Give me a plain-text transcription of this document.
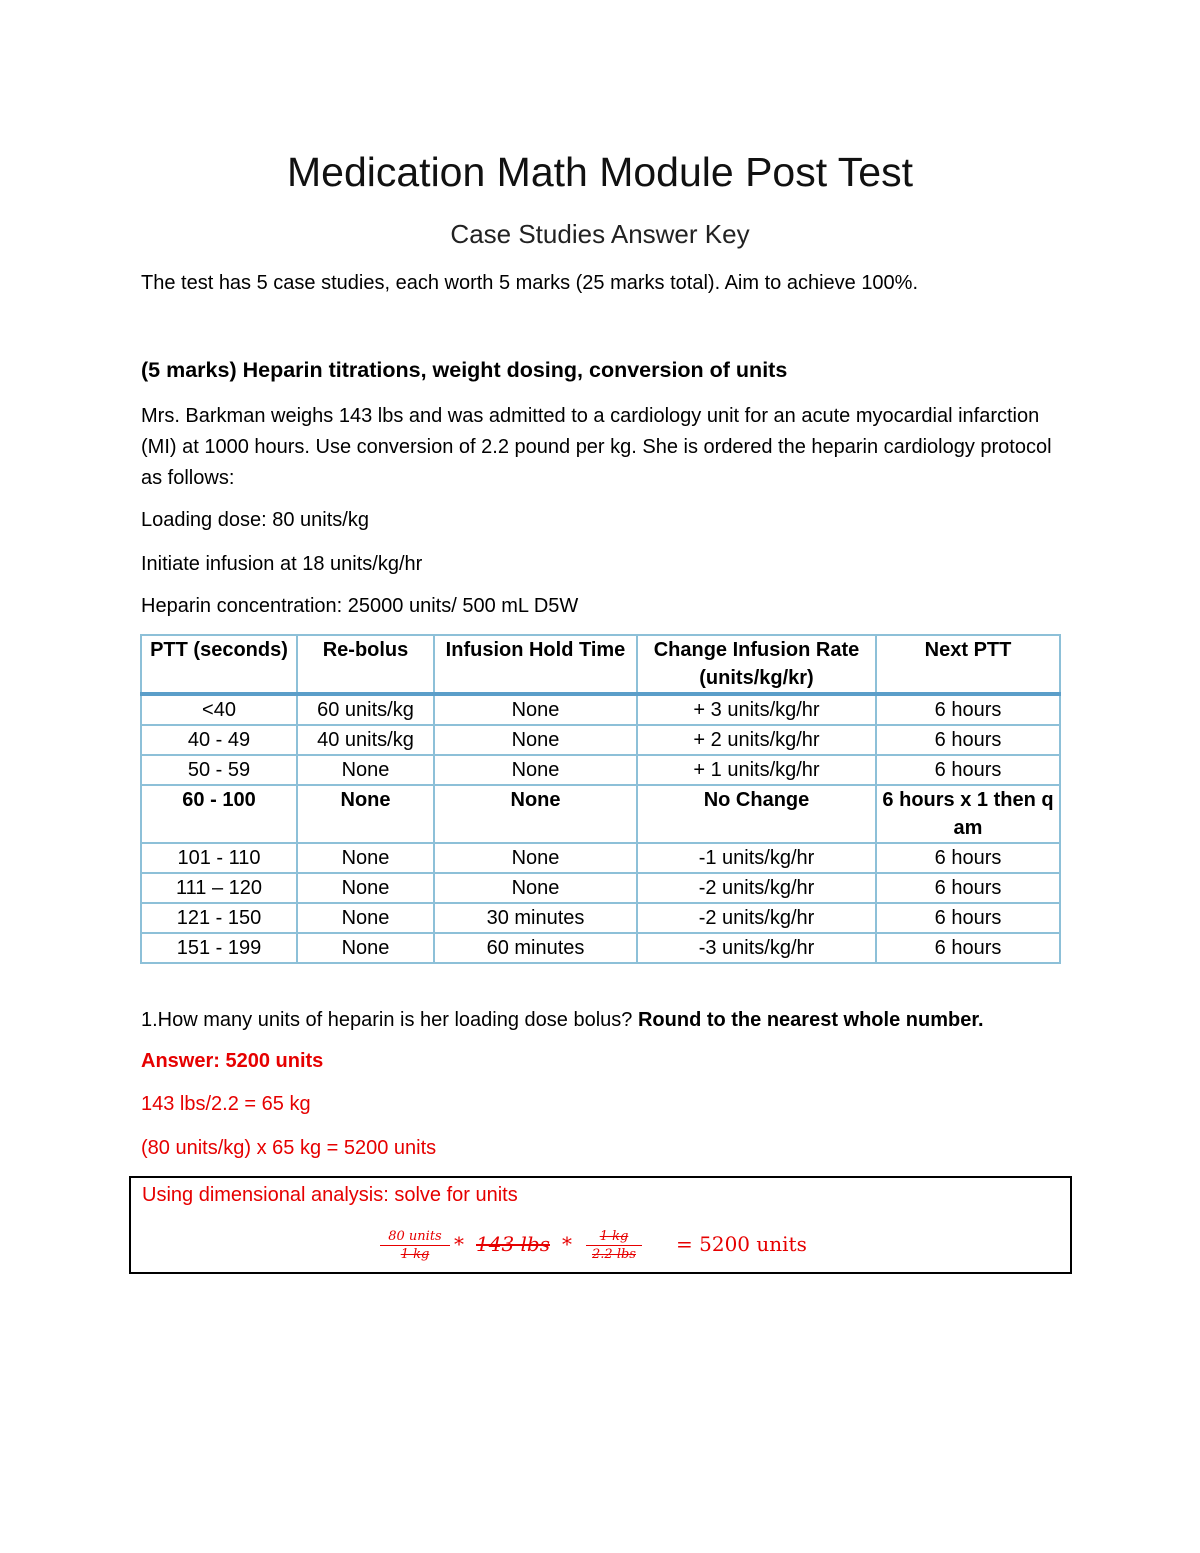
Medication Math Module Post Test
Case Studies Answer Key
The test has 5 case studies, each worth 5 marks (25 marks total). Aim to achieve 100%.
(5 marks) Heparin titrations, weight dosing, conversion of units
Mrs. Barkman weighs 143 lbs and was admitted to a cardiology unit for an acute myocardial infarction (MI) at 1000 hours. Use conversion of 2.2 pound per kg. She is ordered the heparin cardiology protocol as follows:
Loading dose: 80 units/kg
Initiate infusion at 18 units/kg/hr
Heparin concentration: 25000 units/ 500 mL D5W
PTT (seconds)	Re-bolus	Infusion Hold Time	Change Infusion Rate (units/kg/kr)	Next PTT
<40	60 units/kg	None	+ 3 units/kg/hr	6 hours
40 - 49	40 units/kg	None	+ 2 units/kg/hr	6 hours
50 - 59	None	None	+ 1 units/kg/hr	6 hours
60 - 100	None	None	No Change	6 hours x 1 then q am
101 - 110	None	None	-1 units/kg/hr	6 hours
111 – 120	None	None	-2 units/kg/hr	6 hours
121 - 150	None	30 minutes	-2 units/kg/hr	6 hours
151 - 199	None	60 minutes	-3 units/kg/hr	6 hours
1.How many units of heparin is her loading dose bolus? Round to the nearest whole number.
Answer: 5200 units
143 lbs/2.2 = 65 kg
(80 units/kg) x 65 kg = 5200 units
Using dimensional analysis: solve for units
80 units
1 kg	* 143 lbs *	1 kg
2.2 lbs	= 5200 units
